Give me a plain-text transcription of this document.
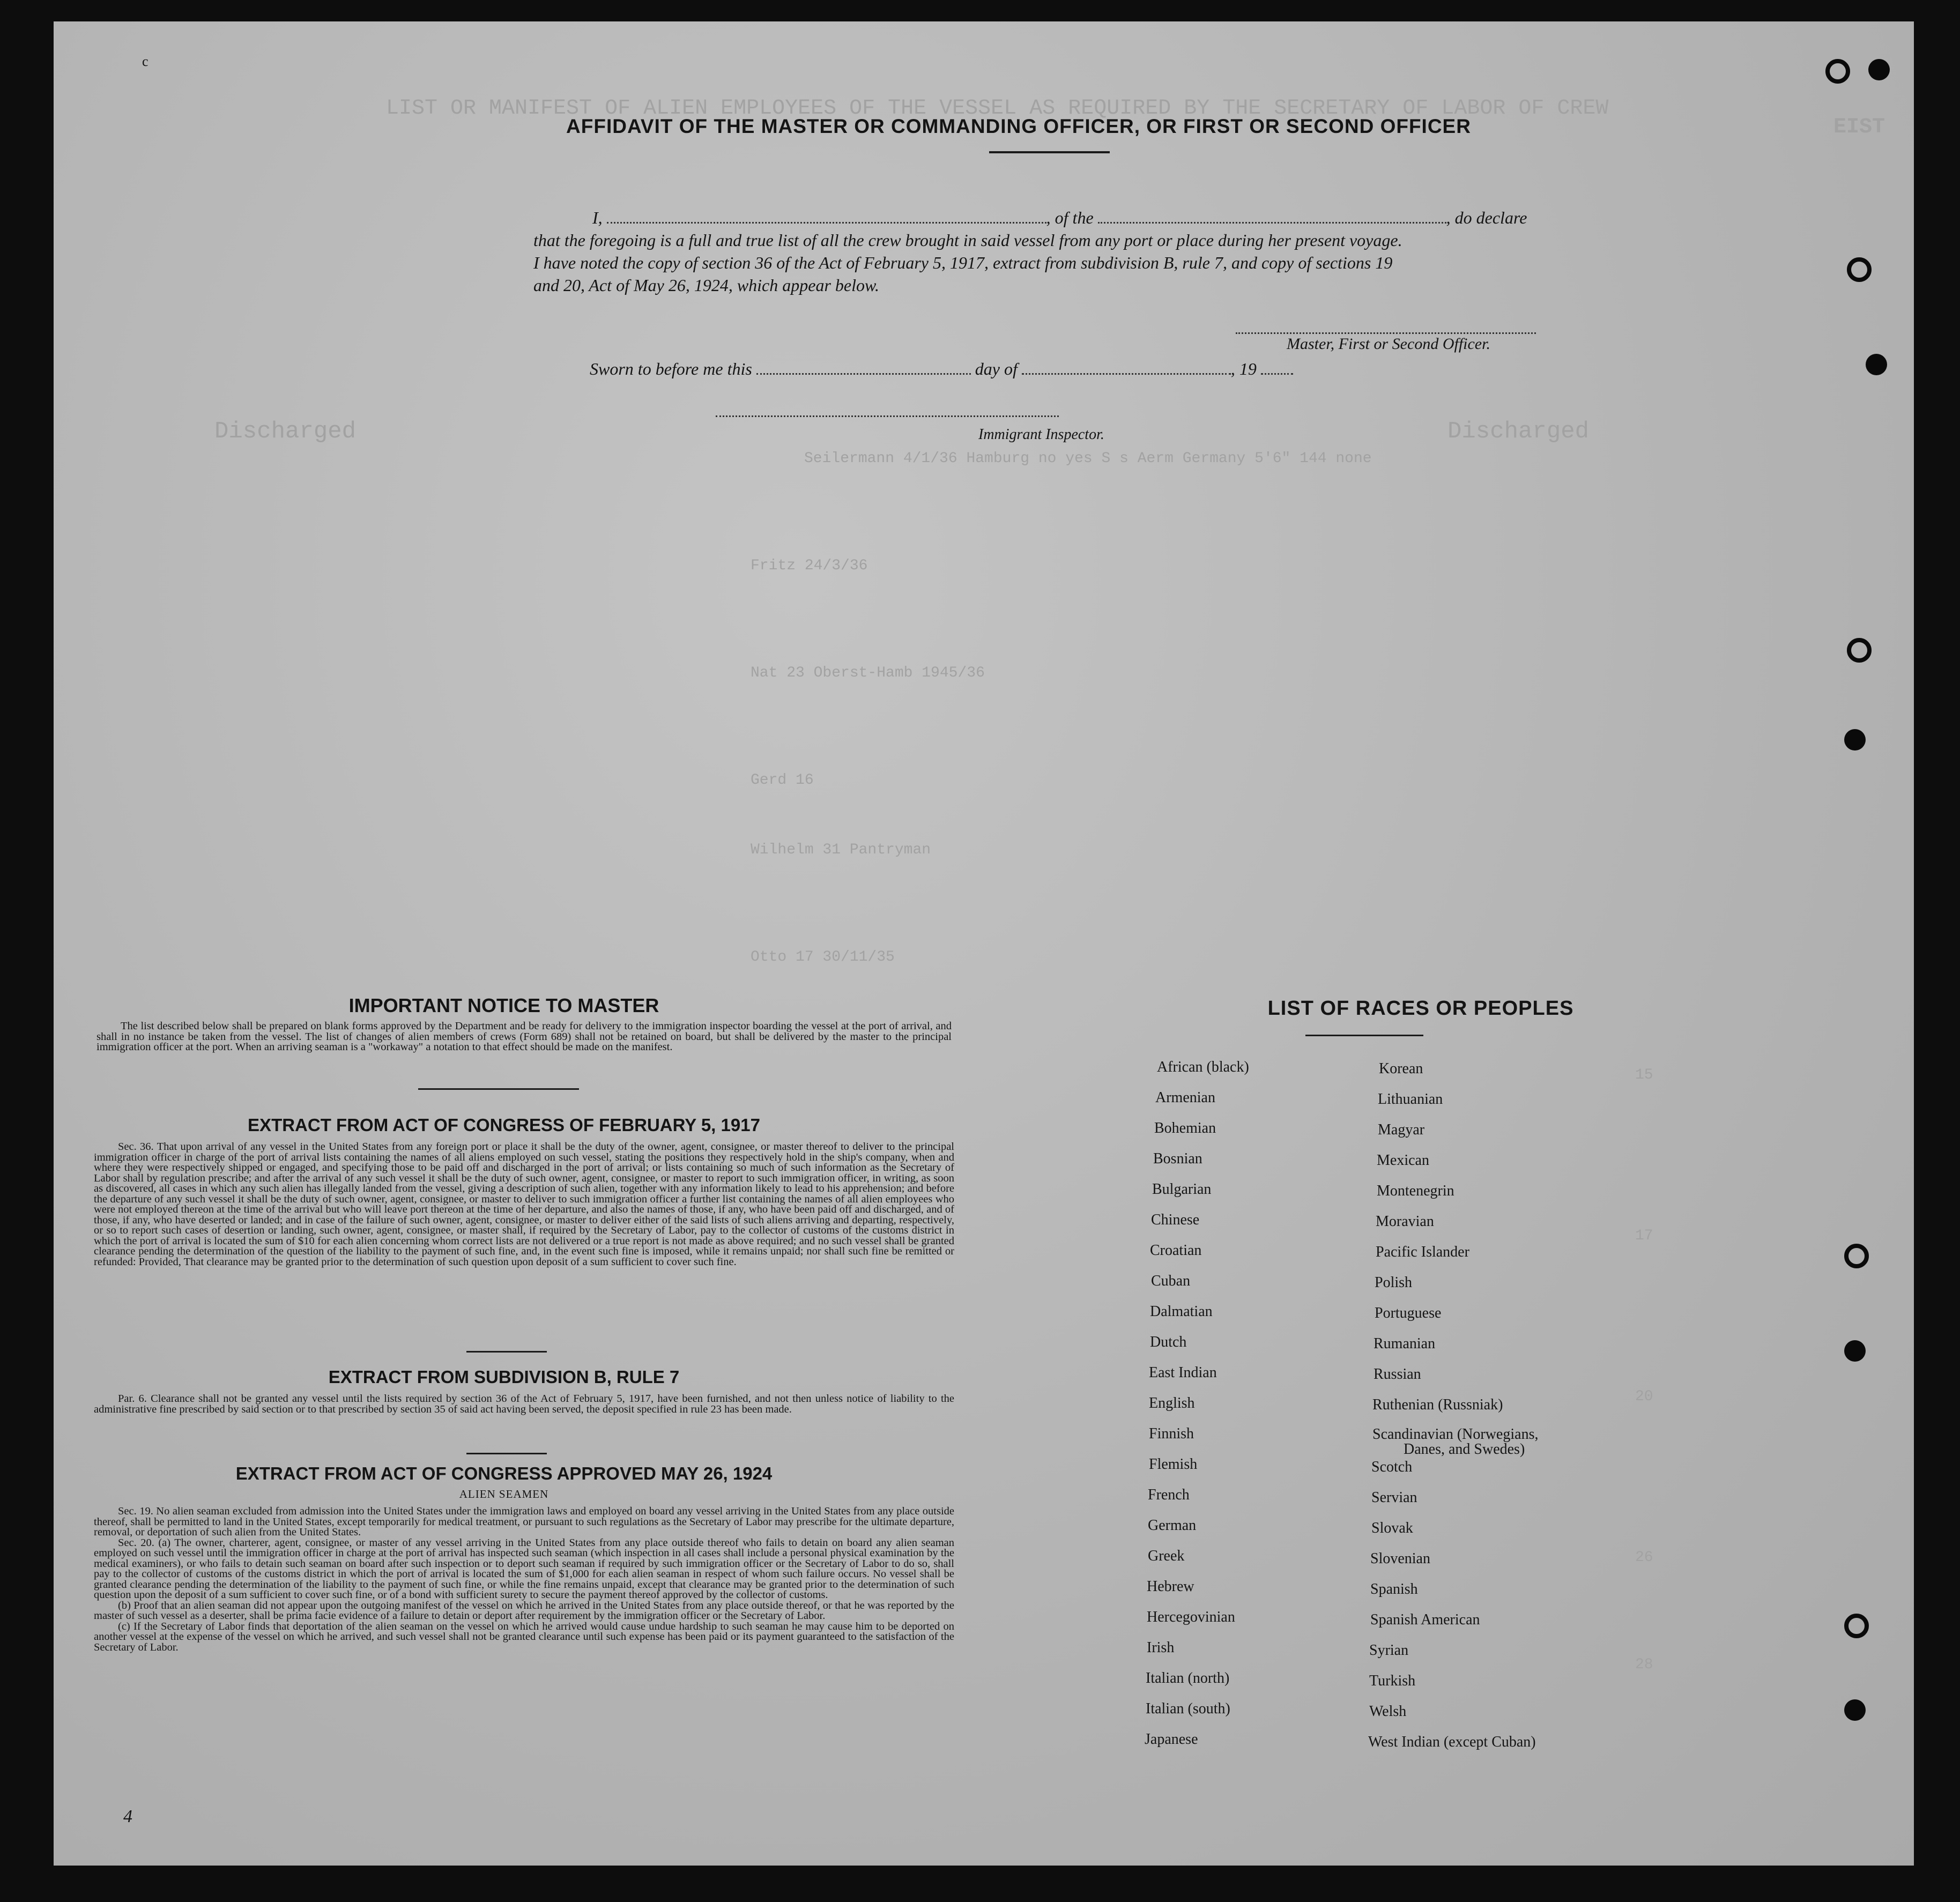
LIST OR MANIFEST OF ALIEN EMPLOYEES OF THE VESSEL AS REQUIRED BY THE SECRETARY OF LABOR OF CREW
EIST
Discharged	Discharged
Seilermann 4/1/36 Hamburg no yes S s Aerm Germany 5'6" 144 none
Fritz 24/3/36
Nat 23 Oberst-Hamb 1945/36
Gerd 16
Wilhelm 31 Pantryman
Otto 17 30/11/35
15
17
20
26
28
c
4
AFFIDAVIT OF THE MASTER OR COMMANDING OFFICER, OR FIRST OR SECOND OFFICER
I,	, of the	, do declare
that the foregoing is a full and true list of all the crew brought in said vessel from any port or place during her present voyage.
I have noted the copy of section 36 of the Act of February 5, 1917, extract from subdivision B, rule 7, and copy of sections 19
and 20, Act of May 26, 1924, which appear below.
Master, First or Second Officer.
Sworn to before me this	day of	, 19
Immigrant Inspector.
IMPORTANT NOTICE TO MASTER

The list described below shall be prepared on blank forms approved by the Department and be ready for delivery to the immigration inspector boarding the vessel at the port of arrival, and shall in no instance be taken from the vessel. The list of changes of alien members of crews (Form 689) shall not be retained on board, but shall be delivered by the master to the principal immigration officer at the port. When an arriving seaman is a "workaway" a notation to that effect should be made on the manifest.

EXTRACT FROM ACT OF CONGRESS OF FEBRUARY 5, 1917

Sec. 36. That upon arrival of any vessel in the United States from any foreign port or place it shall be the duty of the owner, agent, consignee, or master thereof to deliver to the principal immigration officer in charge of the port of arrival lists containing the names of all aliens employed on such vessel, stating the positions they respectively hold in the ship's company, when and where they were respectively shipped or engaged, and specifying those to be paid off and discharged in the port of arrival; or lists containing so much of such information as the Secretary of Labor shall by regulation prescribe; and after the arrival of any such vessel it shall be the duty of such owner, agent, consignee, or master to report to such immigration officer, in writing, as soon as discovered, all cases in which any such alien has illegally landed from the vessel, giving a description of such alien, together with any information likely to lead to his apprehension; and before the departure of any such vessel it shall be the duty of such owner, agent, consignee, or master to deliver to such immigration officer a further list containing the names of all alien employees who were not employed thereon at the time of the arrival but who will leave port thereon at the time of her departure, and also the names of those, if any, who have been paid off and discharged, and of those, if any, who have deserted or landed; and in case of the failure of such owner, agent, consignee, or master to deliver either of the said lists of such aliens arriving and departing, respectively, or so to report such cases of desertion or landing, such owner, agent, consignee, or master shall, if required by the Secretary of Labor, pay to the collector of customs of the customs district in which the port of arrival is located the sum of $10 for each alien concerning whom correct lists are not delivered or a true report is not made as above required; and no such vessel shall be granted clearance pending the determination of the question of the liability to the payment of such fine, and, in the event such fine is imposed, while it remains unpaid; nor shall such fine be remitted or refunded: Provided, That clearance may be granted prior to the determination of such question upon deposit of a sum sufficient to cover such fine.

EXTRACT FROM SUBDIVISION B, RULE 7

Par. 6. Clearance shall not be granted any vessel until the lists required by section 36 of the Act of February 5, 1917, have been furnished, and not then unless notice of liability to the administrative fine prescribed by said section or to that prescribed by section 35 of said act having been served, the deposit specified in rule 23 has been made.

EXTRACT FROM ACT OF CONGRESS APPROVED MAY 26, 1924
ALIEN SEAMEN

Sec. 19. No alien seaman excluded from admission into the United States under the immigration laws and employed on board any vessel arriving in the United States from any place outside thereof, shall be permitted to land in the United States, except temporarily for medical treatment, or pursuant to such regulations as the Secretary of Labor may prescribe for the ultimate departure, removal, or deportation of such alien from the United States.

Sec. 20. (a) The owner, charterer, agent, consignee, or master of any vessel arriving in the United States from any place outside thereof who fails to detain on board any alien seaman employed on such vessel until the immigration officer in charge at the port of arrival has inspected such seaman (which inspection in all cases shall include a personal physical examination by the medical examiners), or who fails to detain such seaman on board after such inspection or to deport such seaman if required by such immigration officer or the Secretary of Labor to do so, shall pay to the collector of customs of the customs district in which the port of arrival is located the sum of $1,000 for each alien seaman in respect of whom such failure occurs. No vessel shall be granted clearance pending the determination of the liability to the payment of such fine, or while the fine remains unpaid, except that clearance may be granted prior to the determination of such question upon the deposit of a sum sufficient to cover such fine, or of a bond with sufficient surety to secure the payment thereof approved by the collector of customs.

(b) Proof that an alien seaman did not appear upon the outgoing manifest of the vessel on which he arrived in the United States from any place outside thereof, or that he was reported by the master of such vessel as a deserter, shall be prima facie evidence of a failure to detain or deport after requirement by the immigration officer or the Secretary of Labor.

(c) If the Secretary of Labor finds that deportation of the alien seaman on the vessel on which he arrived would cause undue hardship to such seaman he may cause him to be deported on another vessel at the expense of the vessel on which he arrived, and such vessel shall not be granted clearance until such expense has been paid or its payment guaranteed to the satisfaction of the Secretary of Labor.

LIST OF RACES OR PEOPLES
African (black)
Armenian
Bohemian
Bosnian
Bulgarian
Chinese
Croatian
Cuban
Dalmatian
Dutch
East Indian
English
Finnish
Flemish
French
German
Greek
Hebrew
Hercegovinian
Irish
Italian (north)
Italian (south)
Japanese
Korean
Lithuanian
Magyar
Mexican
Montenegrin
Moravian
Pacific Islander
Polish
Portuguese
Rumanian
Russian
Ruthenian (Russniak)
Scandinavian (Norwegians,
Danes, and Swedes)
Scotch
Servian
Slovak
Slovenian
Spanish
Spanish American
Syrian
Turkish
Welsh
West Indian (except Cuban)
